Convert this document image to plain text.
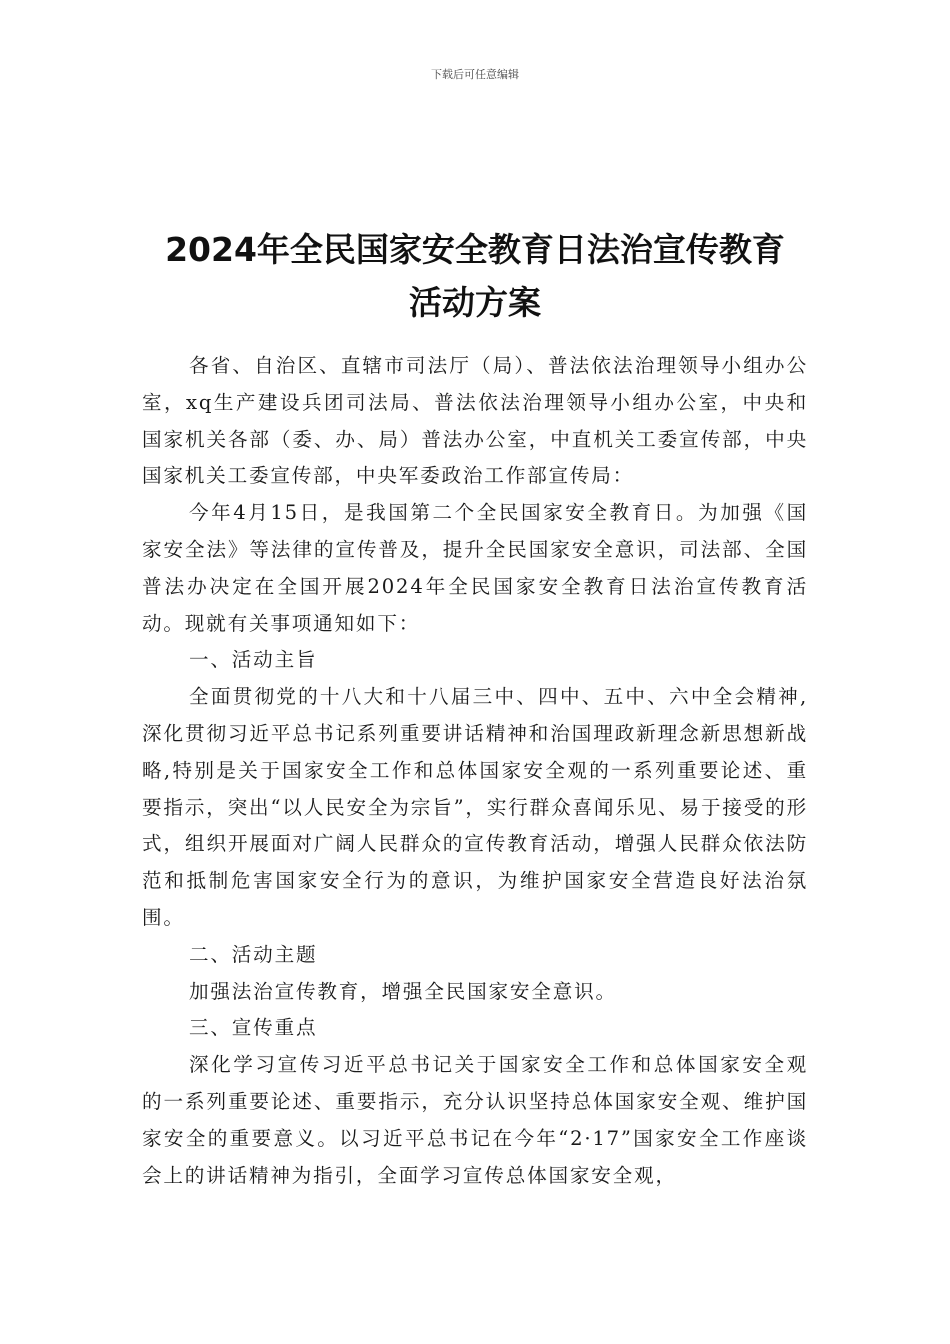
下载后可任意编辑
2024年全民国家安全教育日法治宣传教育
活动方案

各省、自治区、直辖市司法厅（局）、普法依法治理领导小组办公室，xq生产建设兵团司法局、普法依法治理领导小组办公室，中央和国家机关各部（委、办、局）普法办公室，中直机关工委宣传部，中央国家机关工委宣传部，中央军委政治工作部宣传局：

今年4月15日，是我国第二个全民国家安全教育日。为加强《国家安全法》等法律的宣传普及，提升全民国家安全意识，司法部、全国普法办决定在全国开展2024年全民国家安全教育日法治宣传教育活动。现就有关事项通知如下：

一、活动主旨

全面贯彻党的十八大和十八届三中、四中、五中、六中全会精神,深化贯彻习近平总书记系列重要讲话精神和治国理政新理念新思想新战略,特别是关于国家安全工作和总体国家安全观的一系列重要论述、重要指示，突出“以人民安全为宗旨”，实行群众喜闻乐见、易于接受的形式，组织开展面对广阔人民群众的宣传教育活动，增强人民群众依法防范和抵制危害国家安全行为的意识，为维护国家安全营造良好法治氛围。

二、活动主题

加强法治宣传教育，增强全民国家安全意识。

三、宣传重点

深化学习宣传习近平总书记关于国家安全工作和总体国家安全观的一系列重要论述、重要指示，充分认识坚持总体国家安全观、维护国家安全的重要意义。以习近平总书记在今年“2·17”国家安全工作座谈会上的讲话精神为指引，全面学习宣传总体国家安全观，
